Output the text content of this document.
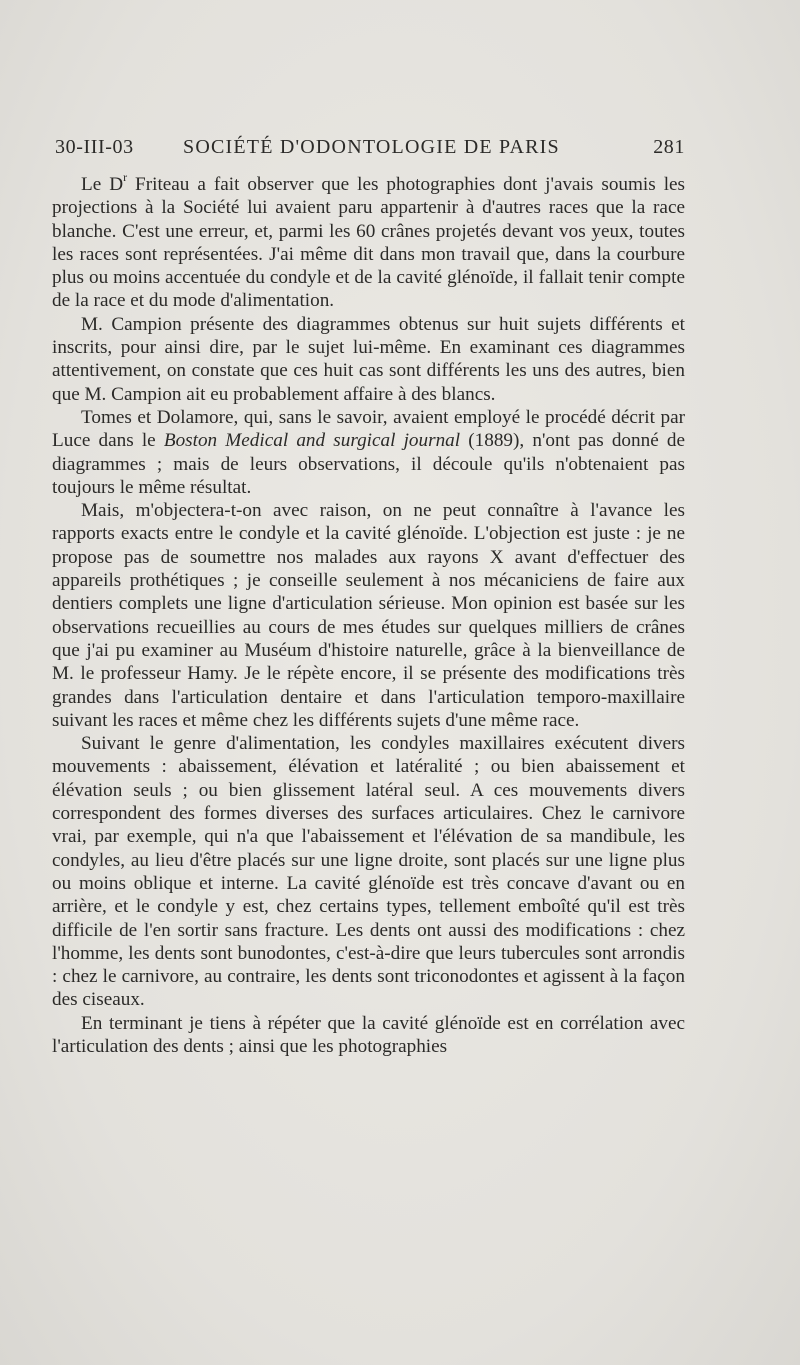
30-III-03 SOCIÉTÉ D'ODONTOLOGIE DE PARIS	281

Le $D^r$ Friteau a fait observer que les photographies dont j'avais soumis les projections à la Société lui avaient paru appartenir à d'autres races que la race blanche. C'est une erreur, et, parmi les 60 crânes projetés devant vos yeux, toutes les races sont représentées. J'ai même dit dans mon travail que, dans la courbure plus ou moins accentuée du condyle et de la cavité glénoïde, il fallait tenir compte de la race et du mode d'alimentation.

M. Campion présente des diagrammes obtenus sur huit sujets différents et inscrits, pour ainsi dire, par le sujet lui-même. En examinant ces diagrammes attentivement, on constate que ces huit cas sont différents les uns des autres, bien que M. Campion ait eu probablement affaire à des blancs.

Tomes et Dolamore, qui, sans le savoir, avaient employé le procédé décrit par Luce dans le Boston Medical and surgical journal (1889), n'ont pas donné de diagrammes ; mais de leurs observations, il découle qu'ils n'obtenaient pas toujours le même résultat.

Mais, m'objectera-t-on avec raison, on ne peut connaître à l'avance les rapports exacts entre le condyle et la cavité glénoïde. L'objection est juste : je ne propose pas de soumettre nos malades aux rayons X avant d'effectuer des appareils prothétiques ; je conseille seulement à nos mécaniciens de faire aux dentiers complets une ligne d'articulation sérieuse. Mon opinion est basée sur les observations recueillies au cours de mes études sur quelques milliers de crânes que j'ai pu examiner au Muséum d'histoire naturelle, grâce à la bienveillance de M. le professeur Hamy. Je le répète encore, il se présente des modifications très grandes dans l'articulation dentaire et dans l'articulation temporo-maxillaire suivant les races et même chez les différents sujets d'une même race.

Suivant le genre d'alimentation, les condyles maxillaires exécutent divers mouvements : abaissement, élévation et latéralité ; ou bien abaissement et élévation seuls ; ou bien glissement latéral seul. A ces mouvements divers correspondent des formes diverses des surfaces articulaires. Chez le carnivore vrai, par exemple, qui n'a que l'abaissement et l'élévation de sa mandibule, les condyles, au lieu d'être placés sur une ligne droite, sont placés sur une ligne plus ou moins oblique et interne. La cavité glénoïde est très concave d'avant ou en arrière, et le condyle y est, chez certains types, tellement emboîté qu'il est très difficile de l'en sortir sans fracture. Les dents ont aussi des modifications : chez l'homme, les dents sont bunodontes, c'est-à-dire que leurs tubercules sont arrondis : chez le carnivore, au contraire, les dents sont triconodontes et agissent à la façon des ciseaux.

En terminant je tiens à répéter que la cavité glénoïde est en corrélation avec l'articulation des dents ; ainsi que les photographies
